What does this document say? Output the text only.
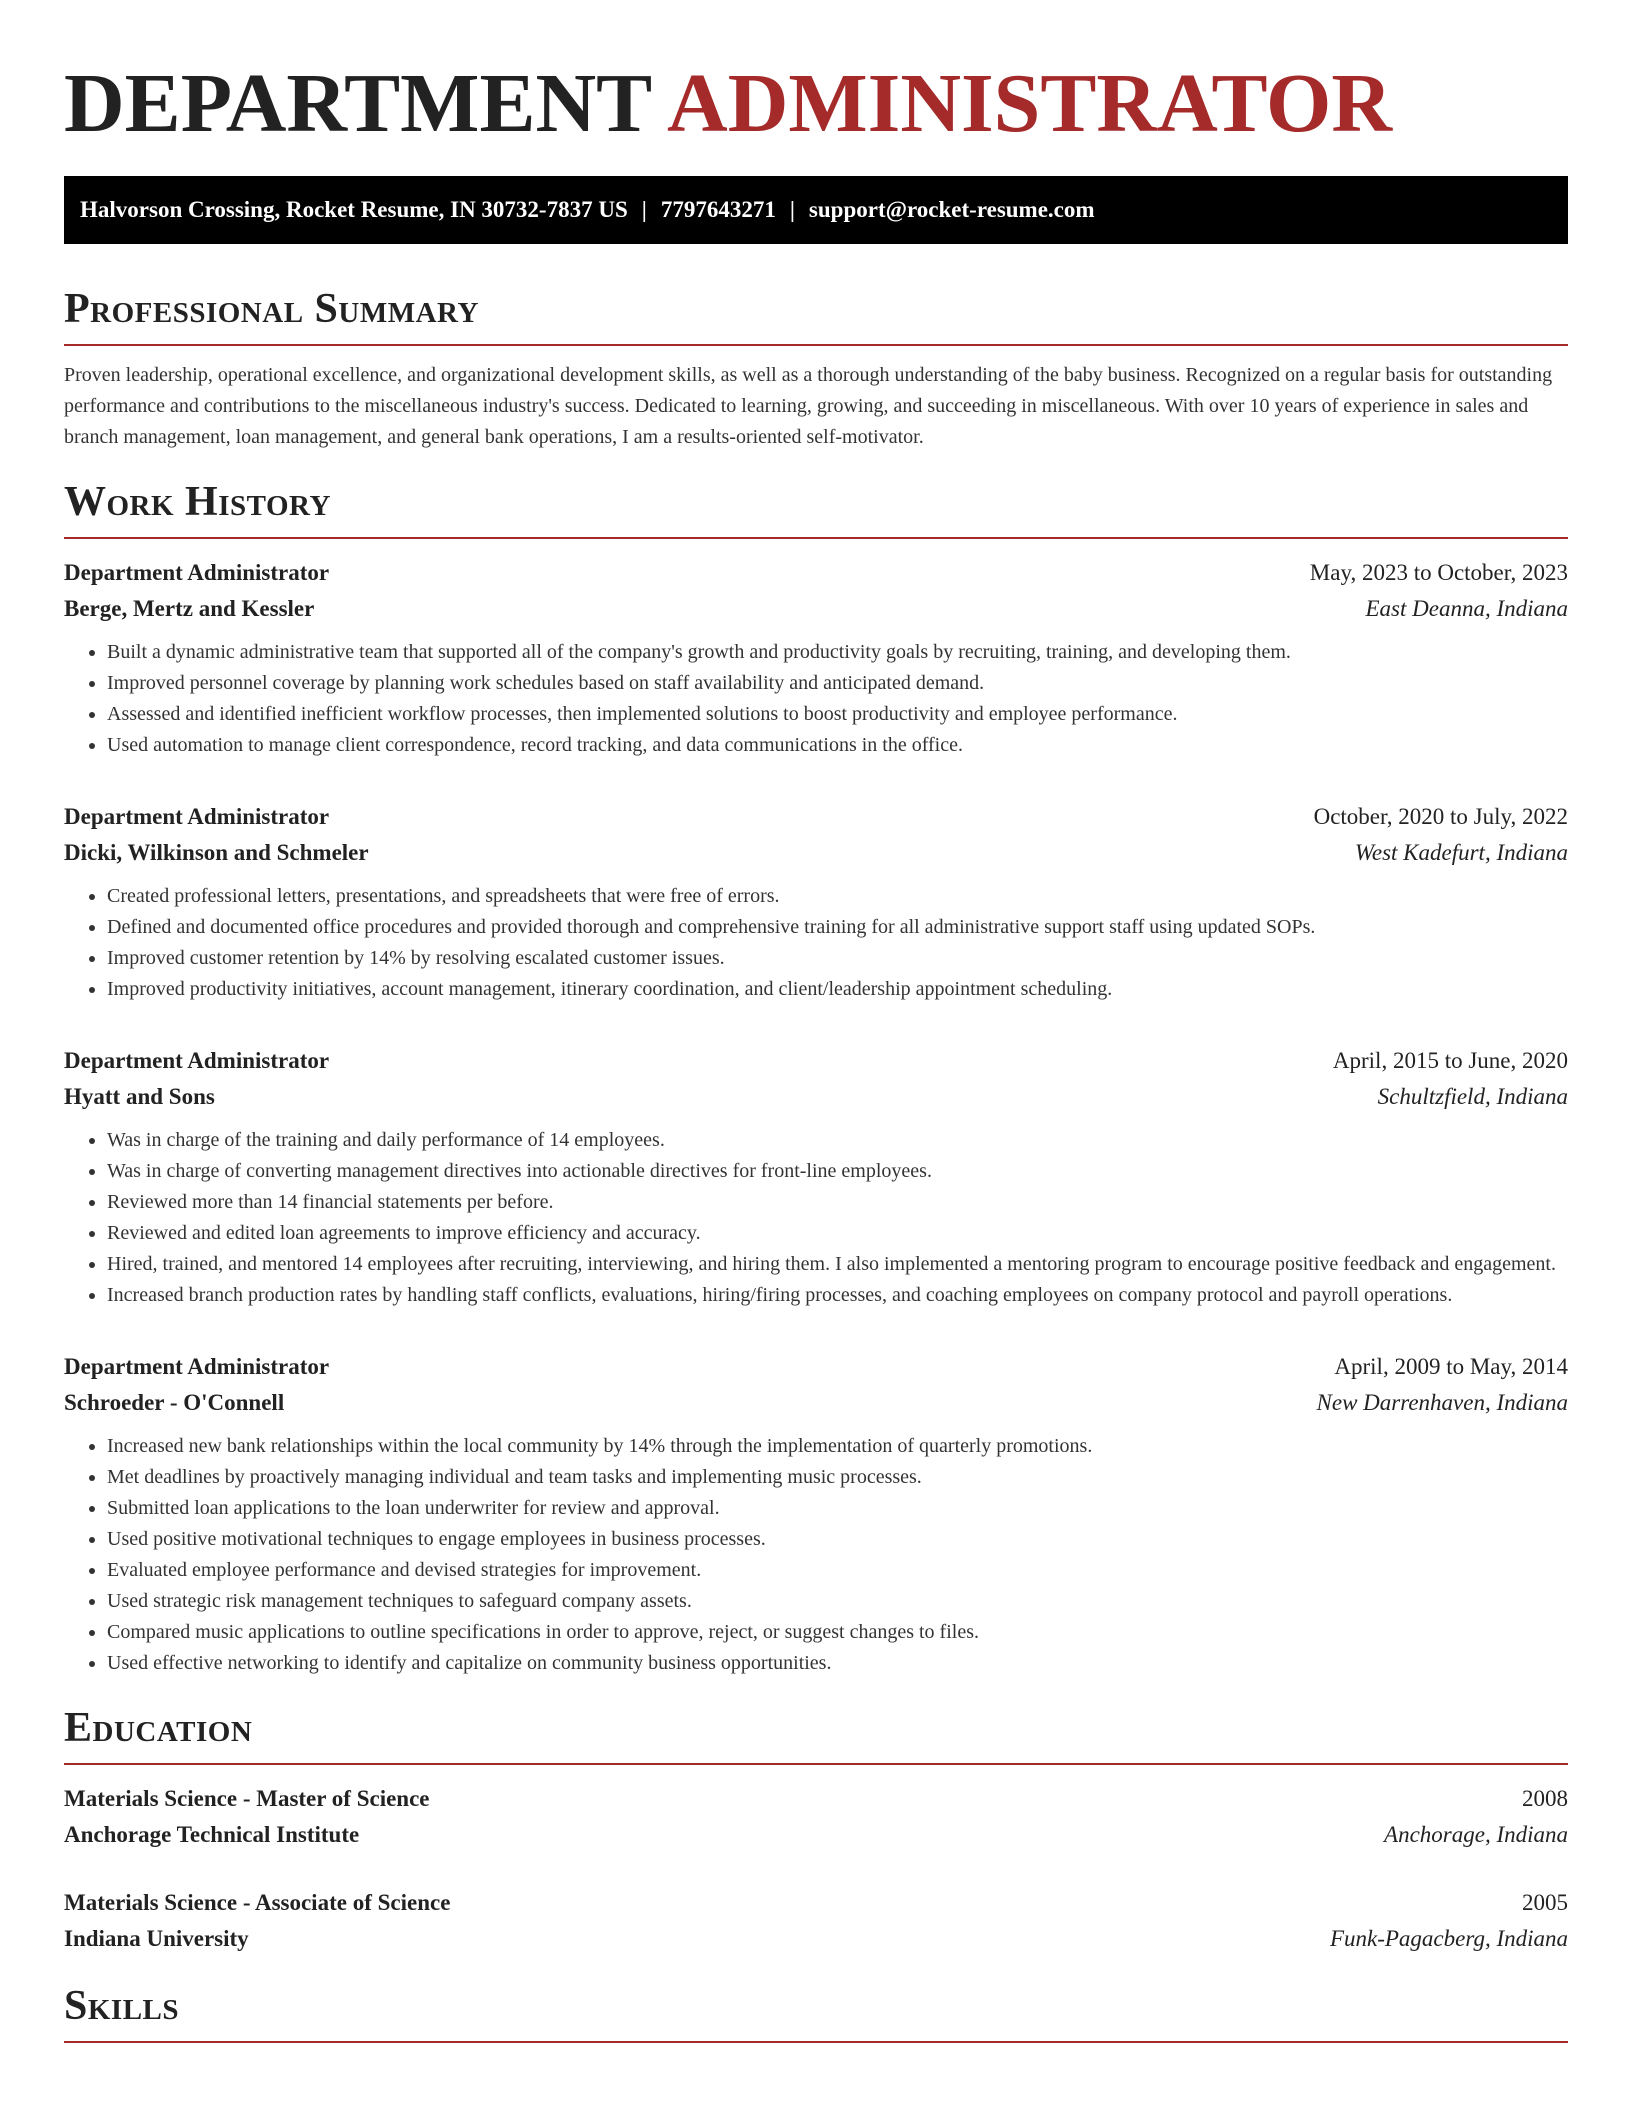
DEPARTMENT ADMINISTRATOR
Halvorson Crossing, Rocket Resume, IN 30732-7837 US | 7797643271 | support@rocket-resume.com
Professional Summary

Proven leadership, operational excellence, and organizational development skills, as well as a thorough understanding of the baby business. Recognized on a regular basis for outstanding performance and contributions to the miscellaneous industry's success. Dedicated to learning, growing, and succeeding in miscellaneous. With over 10 years of experience in sales and branch management, loan management, and general bank operations, I am a results-oriented self-motivator.

Work History
Department Administrator	May, 2023 to October, 2023
Berge, Mertz and Kessler	East Deanna, Indiana
• Built a dynamic administrative team that supported all of the company's growth and productivity goals by recruiting, training, and developing them.
• Improved personnel coverage by planning work schedules based on staff availability and anticipated demand.
• Assessed and identified inefficient workflow processes, then implemented solutions to boost productivity and employee performance.
• Used automation to manage client correspondence, record tracking, and data communications in the office.
Department Administrator	October, 2020 to July, 2022
Dicki, Wilkinson and Schmeler	West Kadefurt, Indiana
• Created professional letters, presentations, and spreadsheets that were free of errors.
• Defined and documented office procedures and provided thorough and comprehensive training for all administrative support staff using updated SOPs.
• Improved customer retention by 14% by resolving escalated customer issues.
• Improved productivity initiatives, account management, itinerary coordination, and client/leadership appointment scheduling.
Department Administrator	April, 2015 to June, 2020
Hyatt and Sons	Schultzfield, Indiana
• Was in charge of the training and daily performance of 14 employees.
• Was in charge of converting management directives into actionable directives for front-line employees.
• Reviewed more than 14 financial statements per before.
• Reviewed and edited loan agreements to improve efficiency and accuracy.
• Hired, trained, and mentored 14 employees after recruiting, interviewing, and hiring them. I also implemented a mentoring program to encourage positive feedback and engagement.
• Increased branch production rates by handling staff conflicts, evaluations, hiring/firing processes, and coaching employees on company protocol and payroll operations.
Department Administrator	April, 2009 to May, 2014
Schroeder - O'Connell	New Darrenhaven, Indiana
• Increased new bank relationships within the local community by 14% through the implementation of quarterly promotions.
• Met deadlines by proactively managing individual and team tasks and implementing music processes.
• Submitted loan applications to the loan underwriter for review and approval.
• Used positive motivational techniques to engage employees in business processes.
• Evaluated employee performance and devised strategies for improvement.
• Used strategic risk management techniques to safeguard company assets.
• Compared music applications to outline specifications in order to approve, reject, or suggest changes to files.
• Used effective networking to identify and capitalize on community business opportunities.
Education
Materials Science - Master of Science	2008
Anchorage Technical Institute	Anchorage, Indiana
Materials Science - Associate of Science	2005
Indiana University	Funk-Pagacberg, Indiana
Skills
